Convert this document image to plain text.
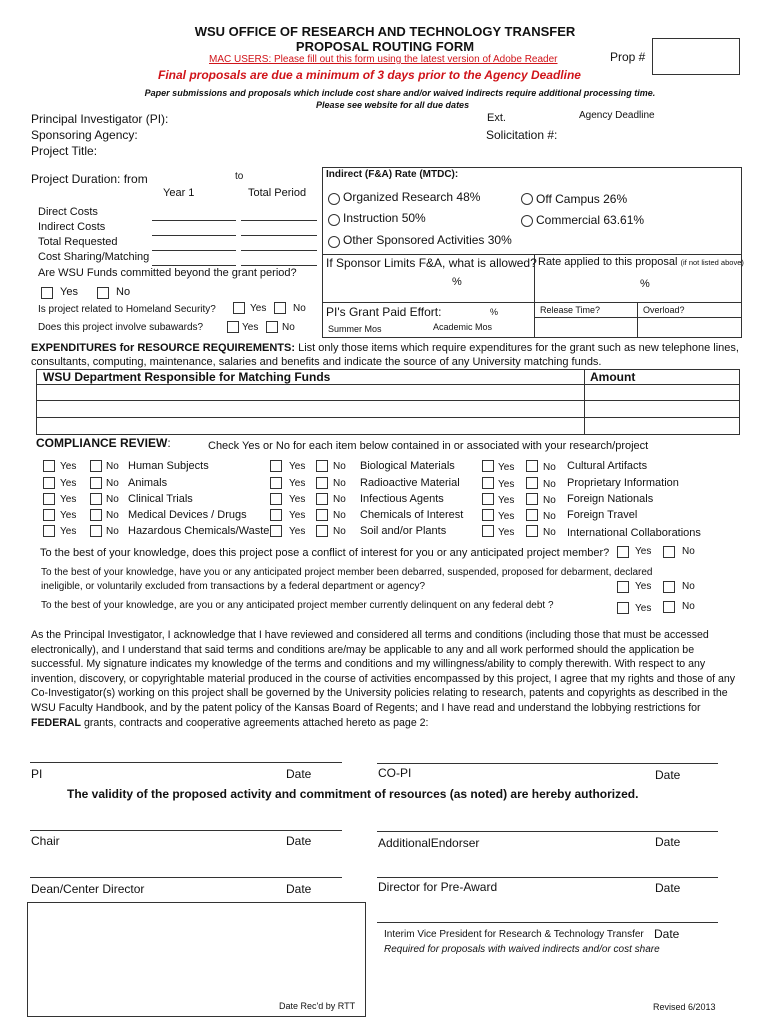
WSU OFFICE OF RESEARCH AND TECHNOLOGY TRANSFER
PROPOSAL ROUTING FORM
MAC USERS: Please fill out this form using the latest version of Adobe Reader	Prop #
Final proposals are due a minimum of 3 days prior to the Agency Deadline
Paper submissions and proposals which include cost share and/or waived indirects require additional processing time.
Please see website for all due dates
Principal Investigator (PI):	Ext.	Agency Deadline
Sponsoring Agency:	Solicitation #:
Project Title:
Project Duration: from	to
Year 1	Total Period
Direct Costs
Indirect Costs
Total Requested
Cost Sharing/Matching
Are WSU Funds committed beyond the grant period?
Yes	No
Is project related to Homeland Security?	Yes	No
Does this project involve subawards?	Yes No
Indirect (F&A) Rate (MTDC):
Organized Research 48%	Off Campus 26%
Instruction 50%	Commercial 63.61%
Other Sponsored Activities 30%
If Sponsor Limits F&A, what is allowed? Rate applied to this proposal (if not listed above)
%	%
PI's Grant Paid Effort:	%	Release Time?	Overload?
Summer Mos	Academic Mos
EXPENDITURES for RESOURCE REQUIREMENTS: List only those items which require expenditures for the grant such as new telephone lines, consultants, computing, maintenance, salaries and benefits and indicate the source of any University matching funds.
WSU Department Responsible for Matching Funds	Amount
COMPLIANCE REVIEW:	Check Yes or No for each item below contained in or associated with your research/project
Yes	No Human Subjects
Yes	No Animals
Yes	No Clinical Trials
Yes	No Medical Devices / Drugs
Yes	No Hazardous Chemicals/Waste
Yes	No Biological Materials
Yes	No Radioactive Material
Yes	No Infectious Agents
Yes	No Chemicals of Interest
Yes	No Soil and/or Plants
Yes	No Cultural Artifacts
Yes	No Proprietary Information
Yes	No Foreign Nationals
Yes	No Foreign Travel
Yes	No International Collaborations
To the best of your knowledge, does this project pose a conflict of interest for you or any anticipated project member?	Yes	No
To the best of your knowledge, have you or any anticipated project member been debarred, suspended, proposed for debarment, declared
ineligible, or voluntarily excluded from transactions by a federal department or agency?	Yes	No
To the best of your knowledge, are you or any anticipated project member currently delinquent on any federal debt ?	Yes	No
As the Principal Investigator, I acknowledge that I have reviewed and considered all terms and conditions (including those that must be accessed electronically), and I understand that said terms and conditions are/may be applicable to any and all work performed should the application be successful. My signature indicates my knowledge of the terms and conditions and my willingness/ability to comply therewith. With respect to any invention, discovery, or copyrightable material produced in the course of activities encompassed by this project, I agree that my rights and those of any Co-Investigator(s) working on this project shall be governed by the University policies relating to research, patents and copyrights as described in the WSU Faculty Handbook, and by the patent policy of the Kansas Board of Regents; and I have read and understand the lobbying restrictions for FEDERAL grants, contracts and cooperative agreements attached hereto as page 2:
PI	Date	CO-PI	Date
The validity of the proposed activity and commitment of resources (as noted) are hereby authorized.
Chair	Date	AdditionalEndorser	Date
Dean/Center Director	Date	Director for Pre-Award	Date
Date Rec'd by RTT
Interim Vice President for Research & Technology Transfer Date
Required for proposals with waived indirects and/or cost share
Revised 6/2013
